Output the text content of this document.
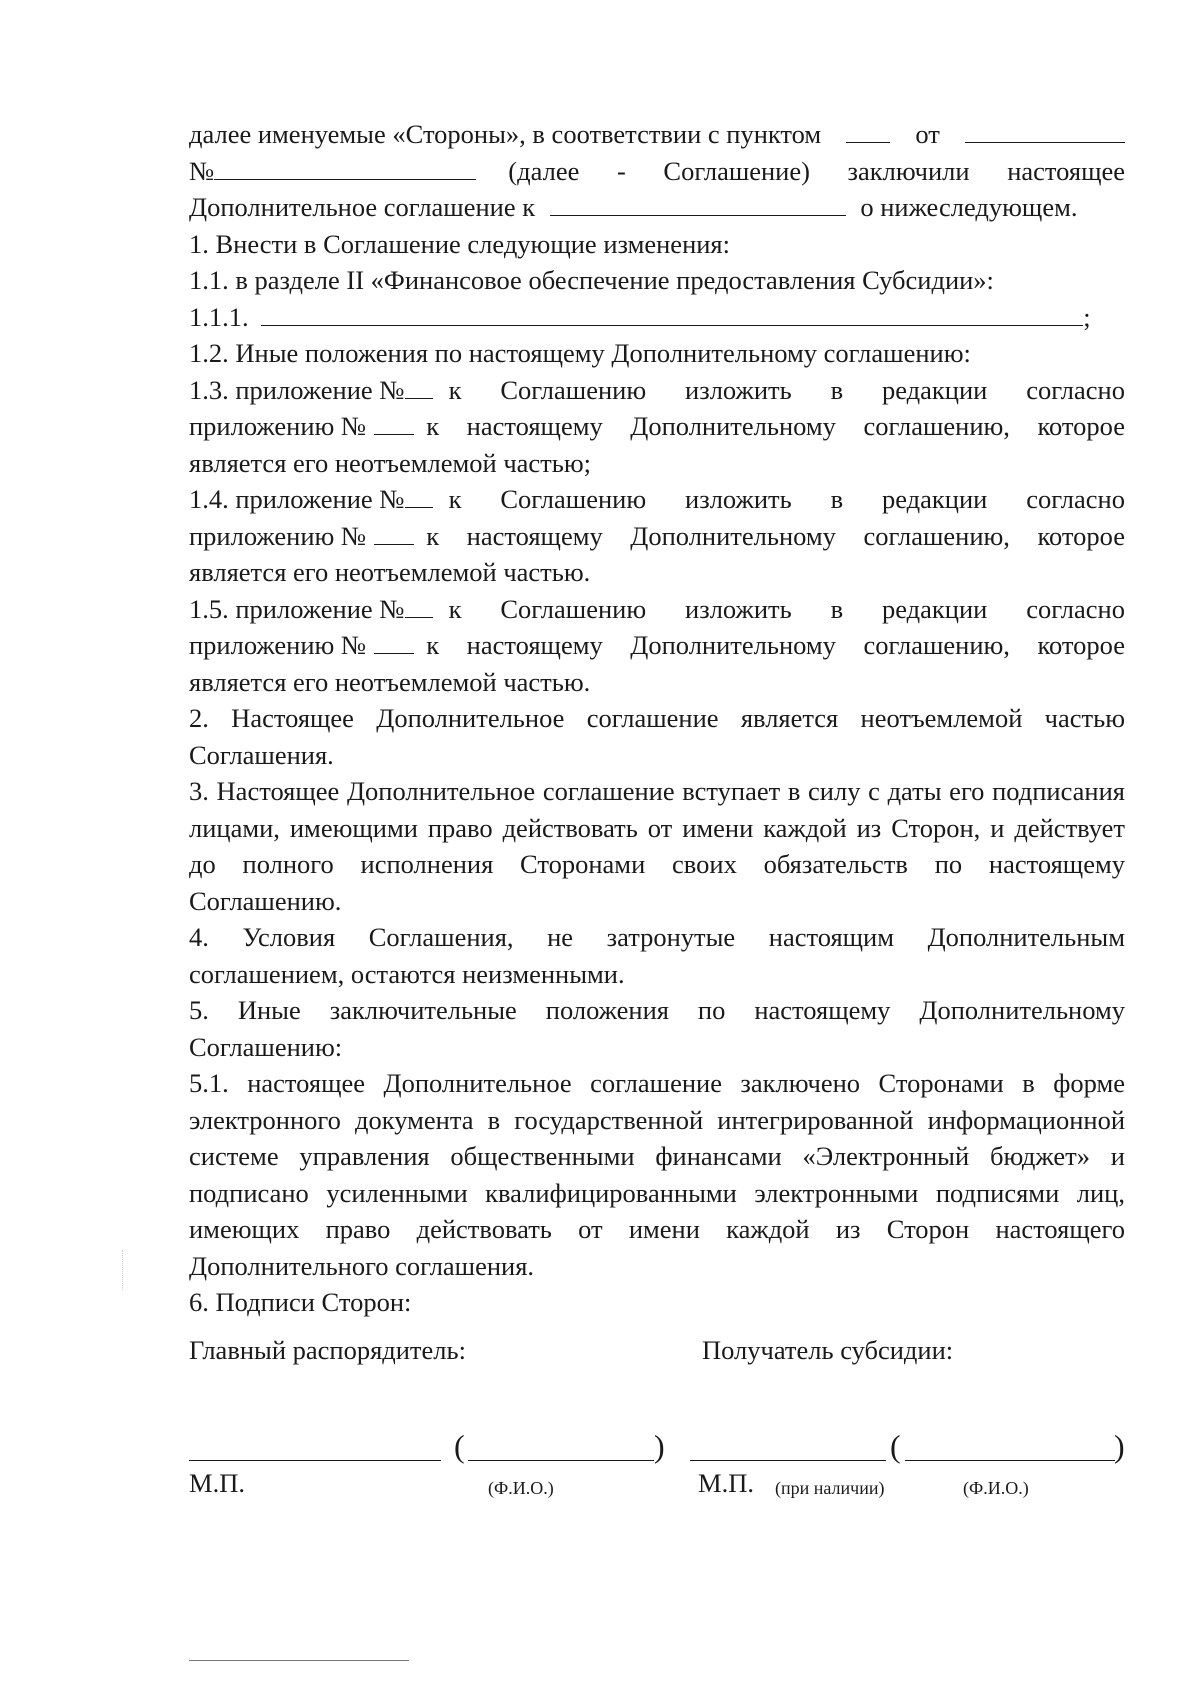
далее именуемые «Стороны», в соответствии с пунктом	от

№	(далее - Соглашение) заключили настоящее

Дополнительное соглашение к	о нижеследующем.

1. Внести в Соглашение следующие изменения:

1.1. в разделе II «Финансовое обеспечение предоставления Субсидии»:

1.1.1.	;

1.2. Иные положения по настоящему Дополнительному соглашению:

1.3. приложение №	к Соглашению изложить в редакции согласно

приложению №	к настоящему Дополнительному соглашению, которое

является его неотъемлемой частью;

1.4. приложение №	к Соглашению изложить в редакции согласно

приложению №	к настоящему Дополнительному соглашению, которое

является его неотъемлемой частью.

1.5. приложение №	к Соглашению изложить в редакции согласно

приложению №	к настоящему Дополнительному соглашению, которое

является его неотъемлемой частью.

2. Настоящее Дополнительное соглашение является неотъемлемой частью Соглашения.

3. Настоящее Дополнительное соглашение вступает в силу с даты его подписания лицами, имеющими право действовать от имени каждой из Сторон, и действует до полного исполнения Сторонами своих обязательств по настоящему Соглашению.

4. Условия Соглашения, не затронутые настоящим Дополнительным соглашением, остаются неизменными.

5. Иные заключительные положения по настоящему Дополнительному Соглашению:

5.1. настоящее Дополнительное соглашение заключено Сторонами в форме электронного документа в государственной интегрированной информационной системе управления общественными финансами «Электронный бюджет» и подписано усиленными квалифицированными электронными подписями лиц, имеющих право действовать от имени каждой из Сторон настоящего Дополнительного соглашения.

6. Подписи Сторон:

Главный распорядитель:	Получатель субсидии:
(	)	(	)
М.П.	(Ф.И.О.)	М.П. (при наличии)	(Ф.И.О.)
